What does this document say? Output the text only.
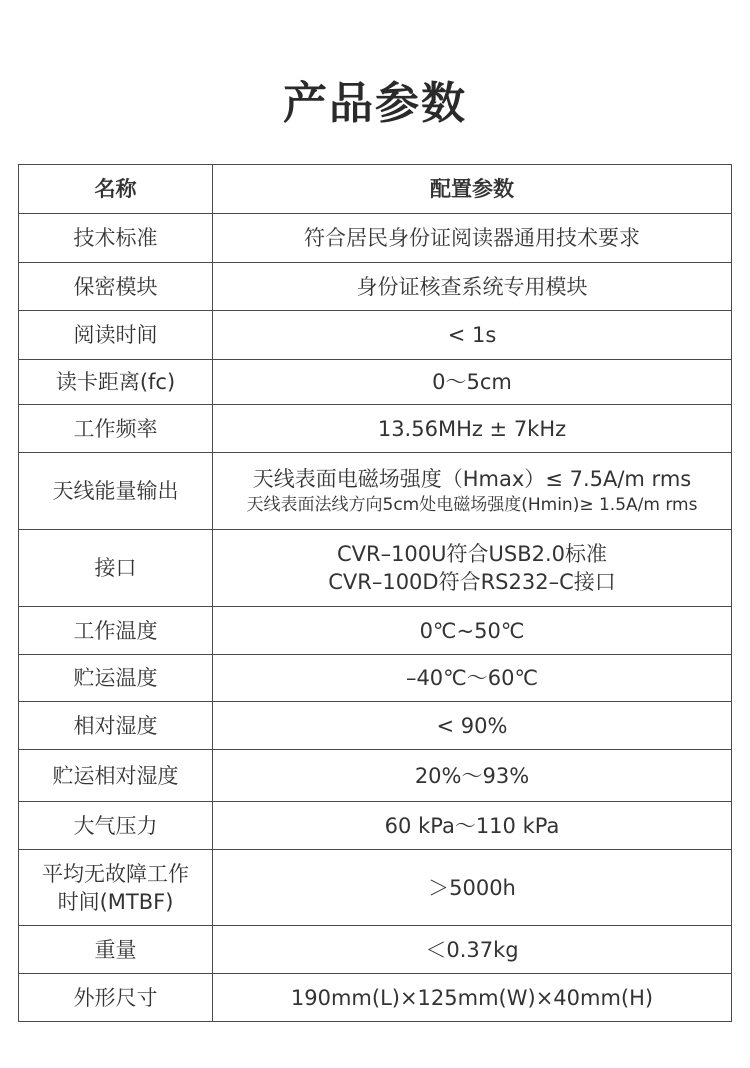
产品参数
名称	配置参数
技术标准	符合居民身份证阅读器通用技术要求
保密模块	身份证核查系统专用模块
阅读时间	< 1s
读卡距离(fc)	0～5cm
工作频率	13.56MHz ± 7kHz
天线能量输出	天线表面电磁场强度（Hmax）≤ 7.5A/m rms
天线表面法线方向5cm处电磁场强度(Hmin)≥ 1.5A/m rms

接口	CVR–100U符合USB2.0标准
CVR–100D符合RS232–C接口

工作温度	0℃~50℃
贮运温度	–40℃～60℃
相对湿度	< 90%
贮运相对湿度	20%～93%
大气压力	60 kPa～110 kPa

平均无故障工作
时间(MTBF)	＞5000h
重量	＜0.37kg
外形尺寸	190mm(L)×125mm(W)×40mm(H)
